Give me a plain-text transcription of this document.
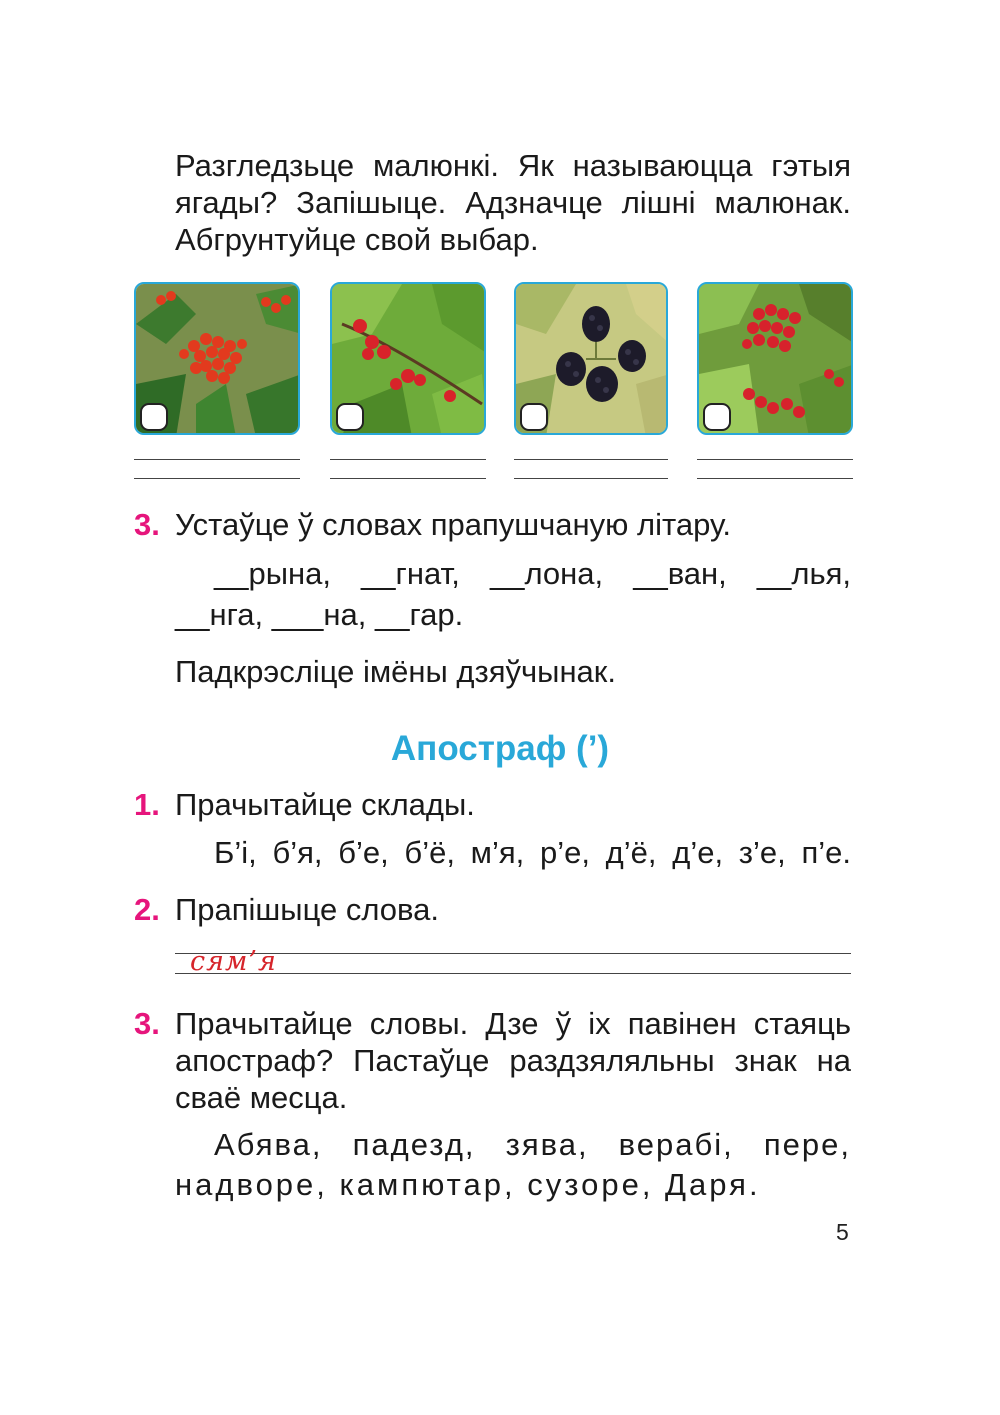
Разгледзьце малюнкі. Як называюцца гэтыя
ягады? Запішыце. Адзначце лішні малюнак.
Абгрунтуйце свой выбар.
3. Устаўце ў словах прапушчаную літару.
__рына, __гнат, __лона, __ван, __лья,
__нга, ___на, __гар.
Падкрэсліце імёны дзяўчынак.
Апостраф (’)
1. Прачытайце склады.
Б’і, б’я, б’е, б’ё, м’я, р’е, д’ё, д’е, з’е, п’е.
2. Прапішыце слова.
сям’я
3. Прачытайце словы. Дзе ў іх павінен стаяць
апостраф? Пастаўце раздзяляльны знак на
сваё месца.
Абява, падезд, зява, верабі, пере,
надворе, кампютар, сузоре, Даря.
5
